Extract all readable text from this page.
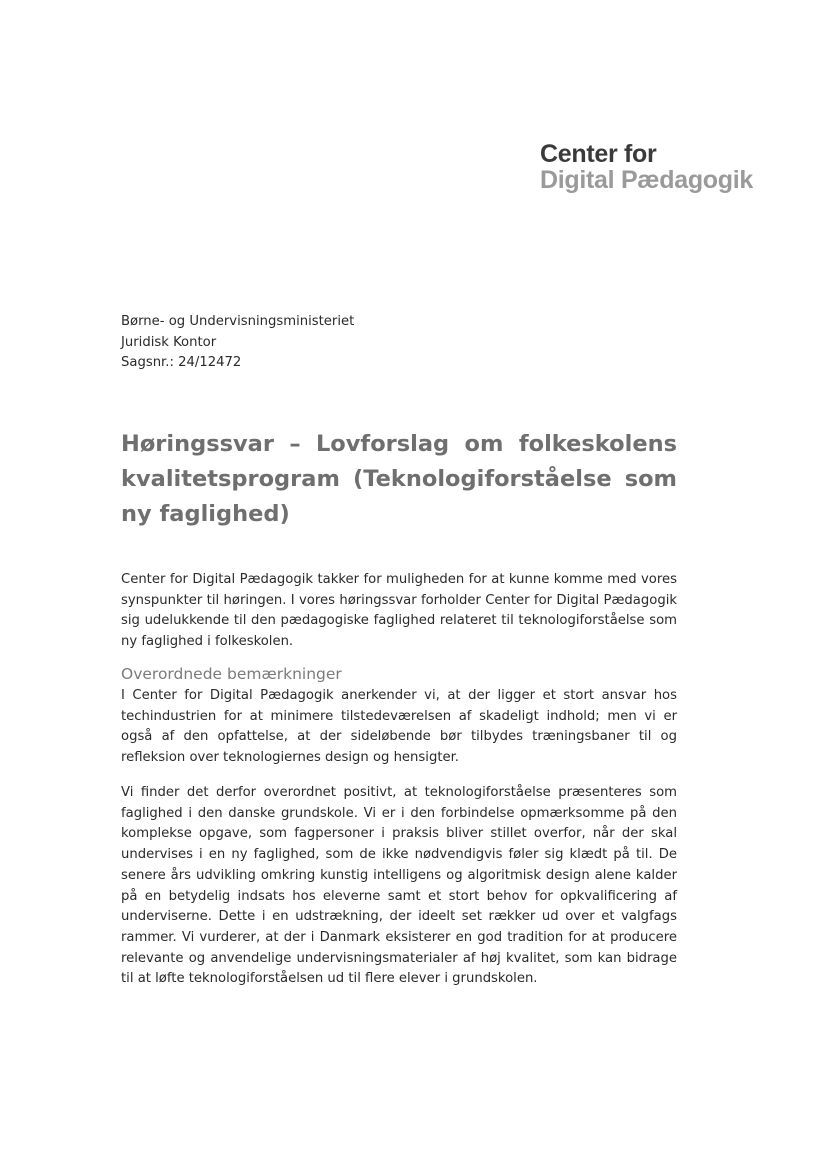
Center for
Digital Pædagogik
Børne- og Undervisningsministeriet
Juridisk Kontor
Sagsnr.: 24/12472
Høringssvar – Lovforslag om folkeskolens kvalitetsprogram (Teknologiforståelse som ny faglighed)

Center for Digital Pædagogik takker for muligheden for at kunne komme med vores synspunkter til høringen. I vores høringssvar forholder Center for Digital Pædagogik sig udelukkende til den pædagogiske faglighed relateret til teknologiforståelse som ny faglighed i folkeskolen.

Overordnede bemærkninger

I Center for Digital Pædagogik anerkender vi, at der ligger et stort ansvar hos techindustrien for at minimere tilstedeværelsen af skadeligt indhold; men vi er også af den opfattelse, at der sideløbende bør tilbydes træningsbaner til og refleksion over teknologiernes design og hensigter.

Vi finder det derfor overordnet positivt, at teknologiforståelse præsenteres som faglighed i den danske grundskole. Vi er i den forbindelse opmærksomme på den komplekse opgave, som fagpersoner i praksis bliver stillet overfor, når der skal undervises i en ny faglighed, som de ikke nødvendigvis føler sig klædt på til. De senere års udvikling omkring kunstig intelligens og algoritmisk design alene kalder på en betydelig indsats hos eleverne samt et stort behov for opkvalificering af underviserne. Dette i en udstrækning, der ideelt set rækker ud over et valgfags rammer. Vi vurderer, at der i Danmark eksisterer en god tradition for at producere relevante og anvendelige undervisningsmaterialer af høj kvalitet, som kan bidrage til at løfte teknologiforståelsen ud til flere elever i grundskolen.
